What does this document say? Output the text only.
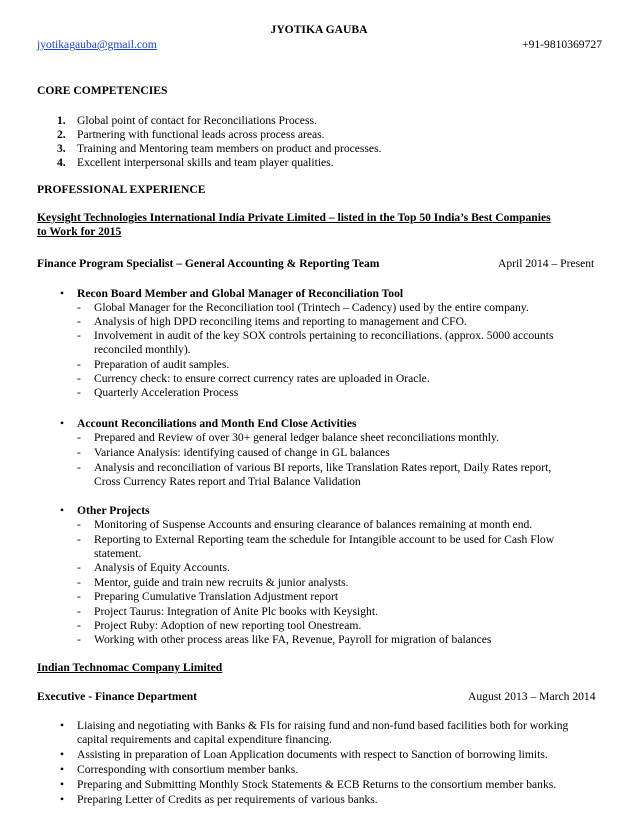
JYOTIKA GAUBA
jyotikagauba@gmail.com	+91-9810369727
CORE COMPETENCIES
1. Global point of contact for Reconciliations Process.
2. Partnering with functional leads across process areas.
3. Training and Mentoring team members on product and processes.
4. Excellent interpersonal skills and team player qualities.
PROFESSIONAL EXPERIENCE
Keysight Technologies International India Private Limited – listed in the Top 50 India’s Best Companies
to Work for 2015
Finance Program Specialist – General Accounting & Reporting Team	April 2014 – Present
• Recon Board Member and Global Manager of Reconciliation Tool
- Global Manager for the Reconciliation tool (Trintech – Cadency) used by the entire company.
- Analysis of high DPD reconciling items and reporting to management and CFO.
- Involvement in audit of the key SOX controls pertaining to reconciliations. (approx. 5000 accounts
reconciled monthly).
- Preparation of audit samples.
- Currency check: to ensure correct currency rates are uploaded in Oracle.
- Quarterly Acceleration Process
• Account Reconciliations and Month End Close Activities
- Prepared and Review of over 30+ general ledger balance sheet reconciliations monthly.
- Variance Analysis: identifying caused of change in GL balances
- Analysis and reconciliation of various BI reports, like Translation Rates report, Daily Rates report,
Cross Currency Rates report and Trial Balance Validation
• Other Projects
- Monitoring of Suspense Accounts and ensuring clearance of balances remaining at month end.
- Reporting to External Reporting team the schedule for Intangible account to be used for Cash Flow
statement.
- Analysis of Equity Accounts.
- Mentor, guide and train new recruits & junior analysts.
- Preparing Cumulative Translation Adjustment report
- Project Taurus: Integration of Anite Plc books with Keysight.
- Project Ruby: Adoption of new reporting tool Onestream.
- Working with other process areas like FA, Revenue, Payroll for migration of balances
Indian Technomac Company Limited
Executive - Finance Department	August 2013 – March 2014
• Liaising and negotiating with Banks & FIs for raising fund and non-fund based facilities both for working
capital requirements and capital expenditure financing.
• Assisting in preparation of Loan Application documents with respect to Sanction of borrowing limits.
• Corresponding with consortium member banks.
• Preparing and Submitting Monthly Stock Statements & ECB Returns to the consortium member banks.
• Preparing Letter of Credits as per requirements of various banks.
